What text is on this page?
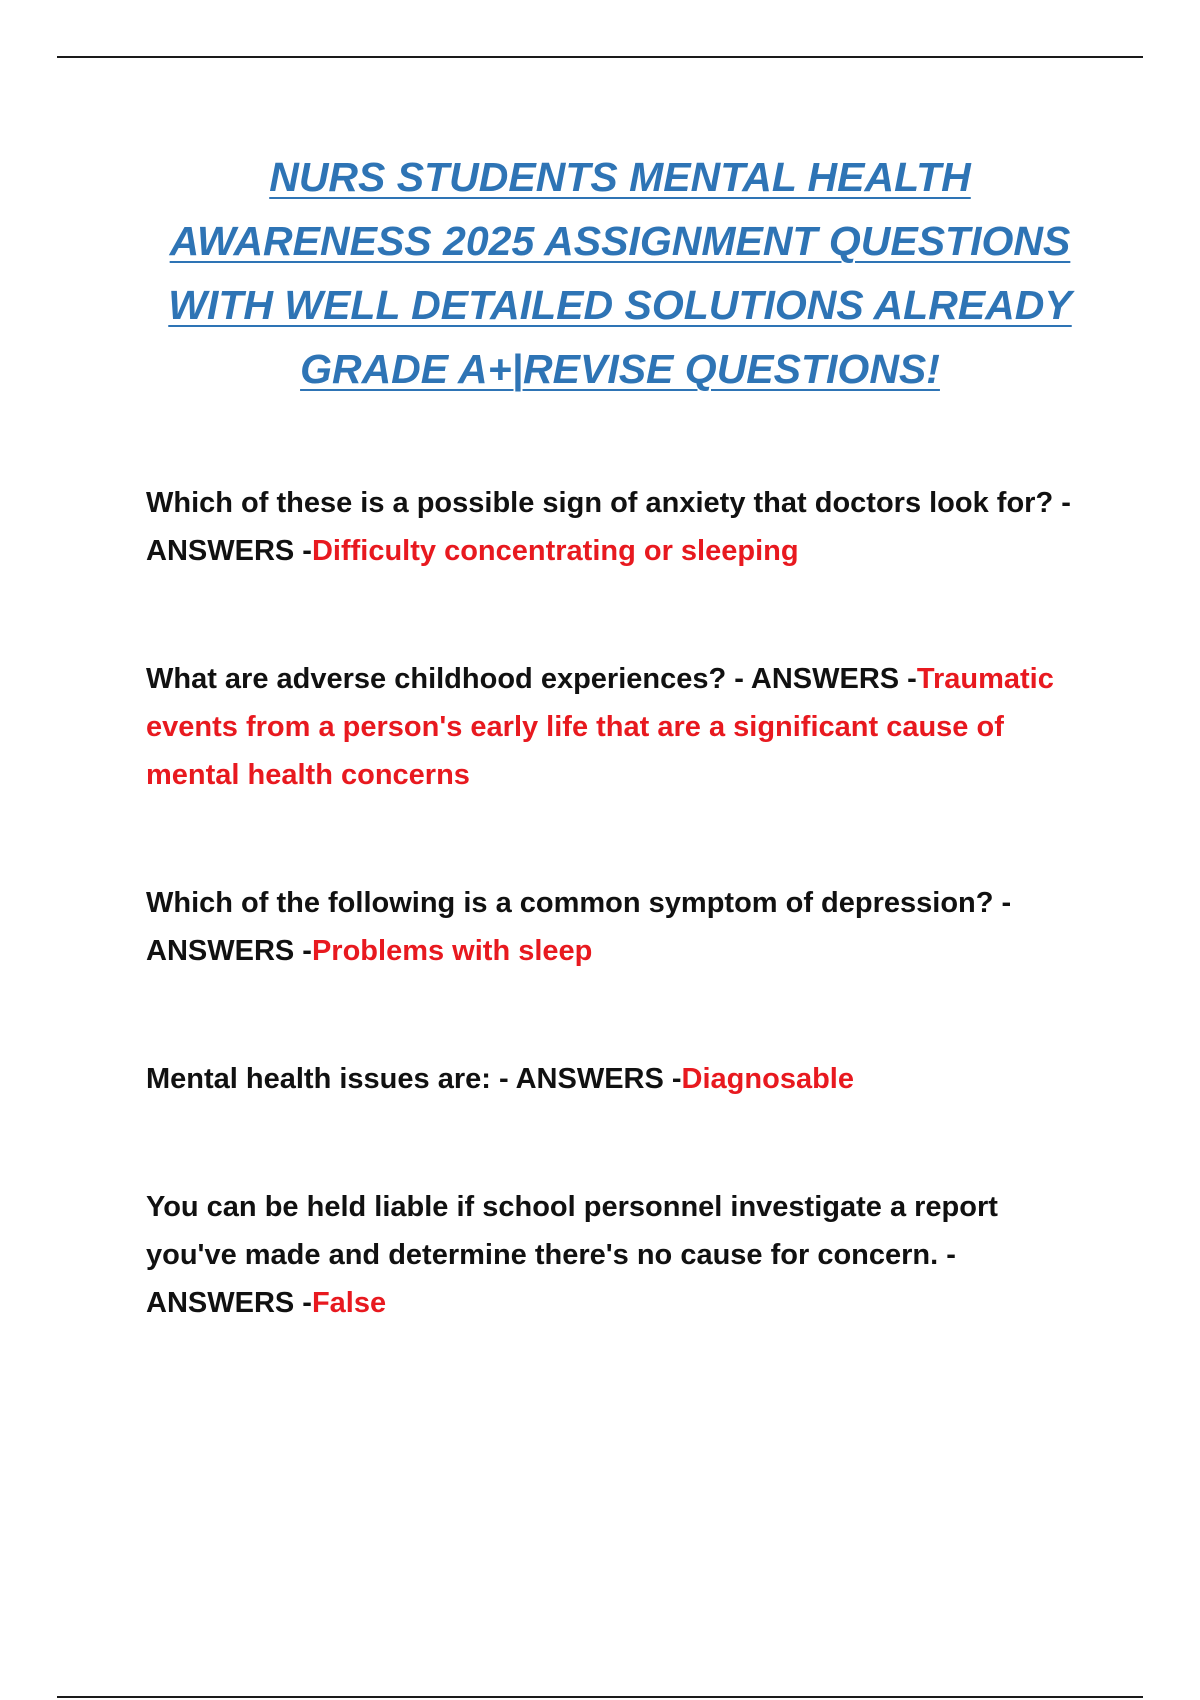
NURS STUDENTS MENTAL HEALTH
AWARENESS 2025 ASSIGNMENT QUESTIONS
WITH WELL DETAILED SOLUTIONS ALREADY
GRADE A+|REVISE QUESTIONS!

Which of these is a possible sign of anxiety that doctors look for? - ANSWERS -Difficulty concentrating or sleeping

What are adverse childhood experiences? - ANSWERS -Traumatic events from a person's early life that are a significant cause of mental health concerns

Which of the following is a common symptom of depression? - ANSWERS -Problems with sleep

Mental health issues are: - ANSWERS -Diagnosable

You can be held liable if school personnel investigate a report you've made and determine there's no cause for concern. - ANSWERS -False
